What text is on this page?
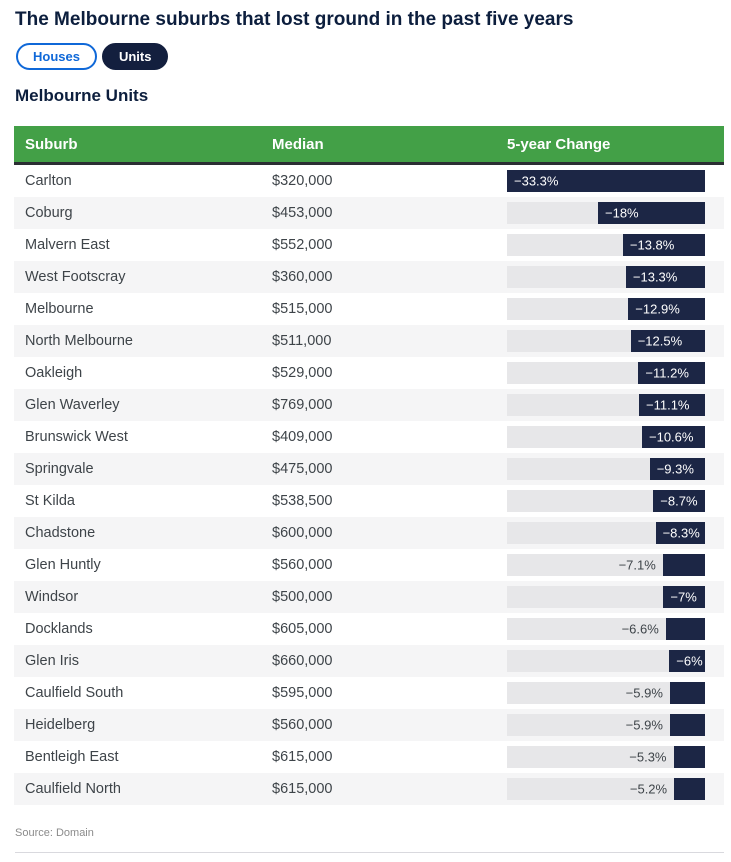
The Melbourne suburbs that lost ground in the past five years
Houses	Units
Melbourne Units
Suburb	Median	5-year Change
Carlton	$320,000	−33.3%
Coburg	$453,000	−18%
Malvern East	$552,000	−13.8%
West Footscray	$360,000	−13.3%
Melbourne	$515,000	−12.9%
North Melbourne	$511,000	−12.5%
Oakleigh	$529,000	−11.2%
Glen Waverley	$769,000	−11.1%
Brunswick West	$409,000	−10.6%
Springvale	$475,000	−9.3%
St Kilda	$538,500	−8.7%
Chadstone	$600,000	−8.3%
Glen Huntly	$560,000	−7.1%
Windsor	$500,000	−7%
Docklands	$605,000	−6.6%
Glen Iris	$660,000	−6%
Caulfield South	$595,000	−5.9%
Heidelberg	$560,000	−5.9%
Bentleigh East	$615,000	−5.3%
Caulfield North	$615,000	−5.2%
Source: Domain
